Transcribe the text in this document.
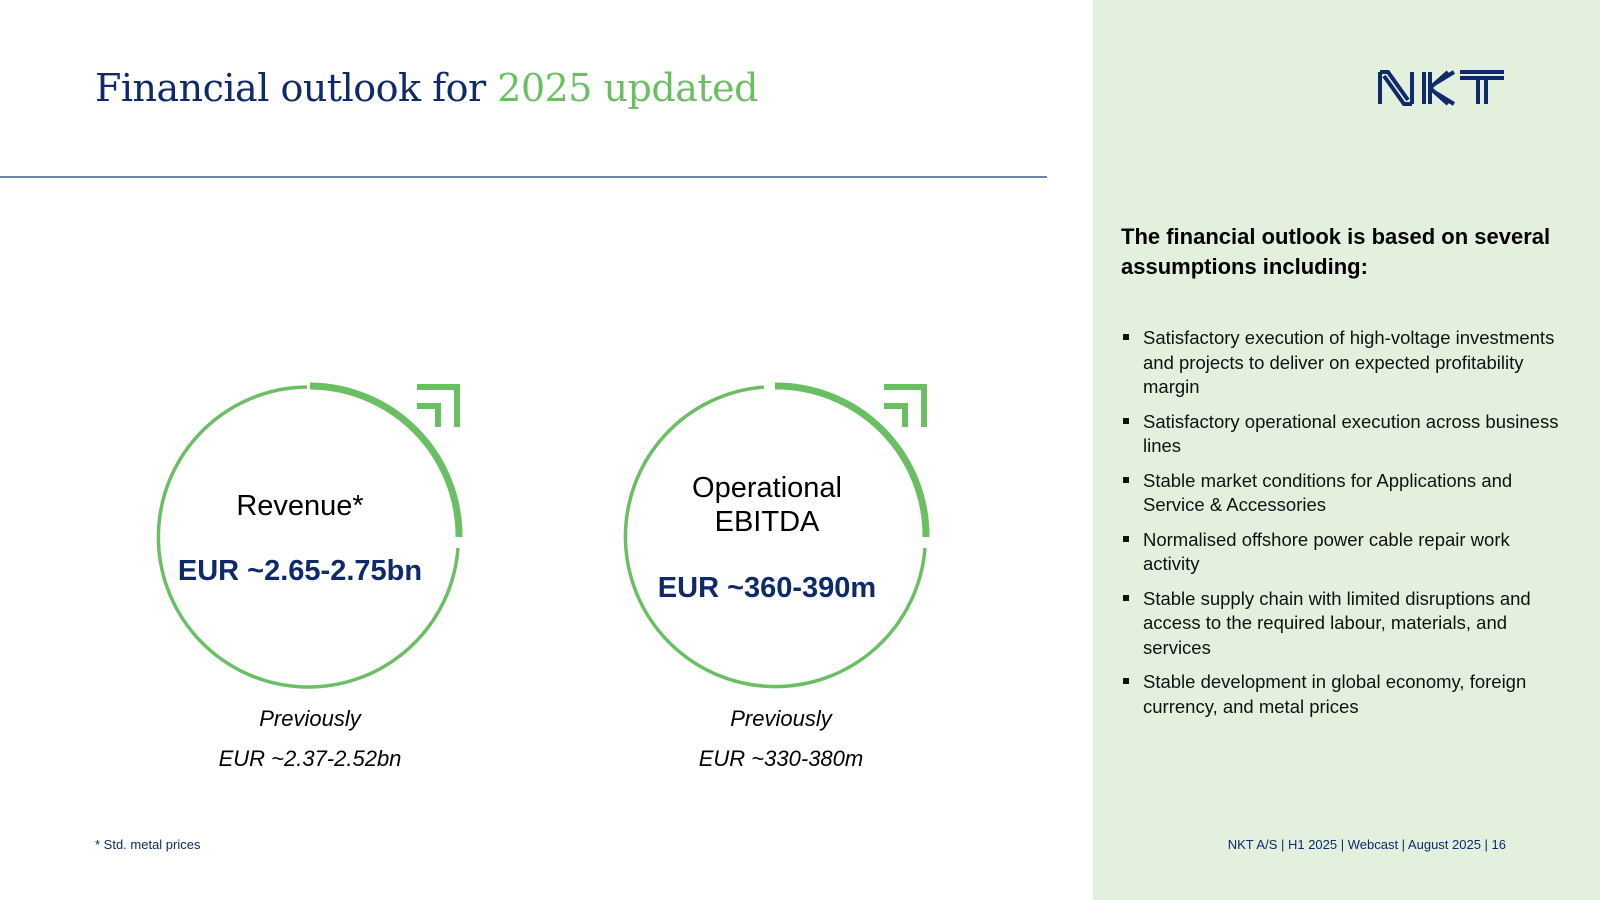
Financial outlook for 2025 updated
The financial outlook is based on several assumptions including:
Satisfactory execution of high-voltage investments and projects to deliver on expected profitability margin
Satisfactory operational execution across business lines
Stable market conditions for Applications and Service & Accessories
Normalised offshore power cable repair work activity
Stable supply chain with limited disruptions and access to the required labour, materials, and services
Stable development in global economy, foreign currency, and metal prices
Revenue*
EUR ~2.65-2.75bn
Previously
EUR ~2.37-2.52bn
Operational
EBITDA
EUR ~360-390m
Previously
EUR ~330-380m
* Std. metal prices	NKT A/S | H1 2025 | Webcast | August 2025 | 16
